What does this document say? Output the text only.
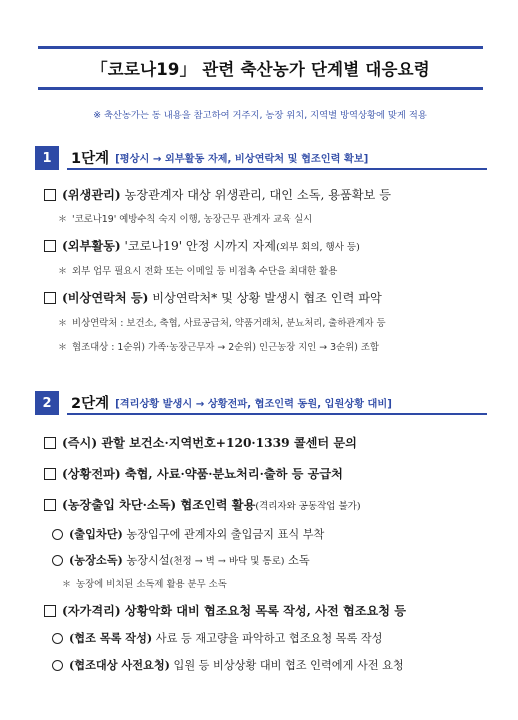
「코로나19」 관련 축산농가 단계별 대응요령
※ 축산농가는 동 내용을 참고하여 거주지, 농장 위치, 지역별 방역상황에 맞게 적용
1	1단계 [평상시 → 외부활동 자제, 비상연락처 및 협조인력 확보]
(위생관리) 농장관계자 대상 위생관리, 대인 소독, 용품확보 등
＊ '코로나19' 예방수칙 숙지 이행, 농장근무 관계자 교육 실시
(외부활동) '코로나19' 안정 시까지 자제(외부 회의, 행사 등)
＊ 외부 업무 필요시 전화 또는 이메일 등 비접촉 수단을 최대한 활용
(비상연락처 등) 비상연락처* 및 상황 발생시 협조 인력 파악
＊ 비상연락처 : 보건소, 축협, 사료공급처, 약품거래처, 분뇨처리, 출하관계자 등
＊ 협조대상 : 1순위) 가족·농장근무자 → 2순위) 인근농장 지인 → 3순위) 조합
2	2단계 [격리상황 발생시 → 상황전파, 협조인력 동원, 입원상황 대비]
(즉시) 관할 보건소·지역번호+120·1339 콜센터 문의
(상황전파) 축협, 사료·약품·분뇨처리·출하 등 공급처
(농장출입 차단·소독) 협조인력 활용(격리자와 공동작업 불가)
(출입차단) 농장입구에 관계자외 출입금지 표식 부착
(농장소독) 농장시설(천정 → 벽 → 바닥 및 통로) 소독
＊ 농장에 비치된 소독제 활용 분무 소독
(자가격리) 상황악화 대비 협조요청 목록 작성, 사전 협조요청 등
(협조 목록 작성) 사료 등 재고량을 파악하고 협조요청 목록 작성
(협조대상 사전요청) 입원 등 비상상황 대비 협조 인력에게 사전 요청
